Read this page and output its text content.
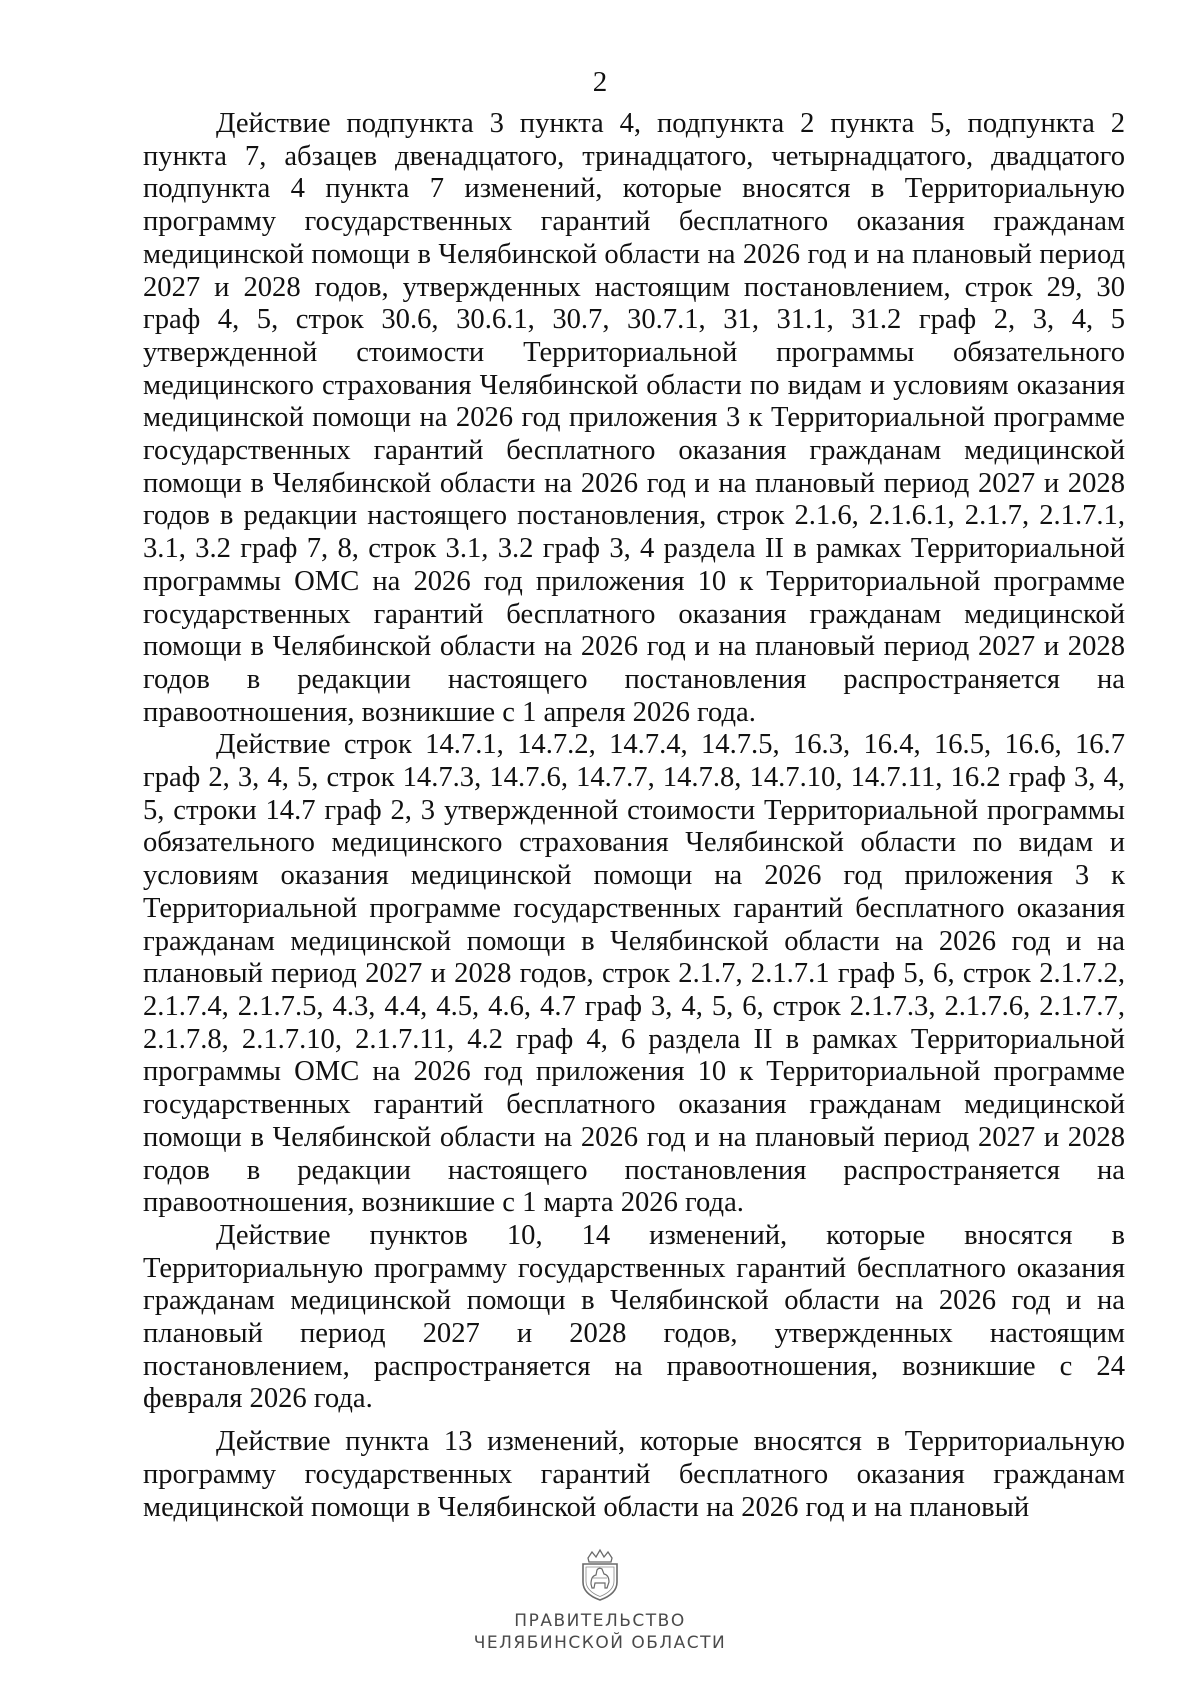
2

Действие подпункта 3 пункта 4, подпункта 2 пункта 5, подпункта 2 пункта 7, абзацев двенадцатого, тринадцатого, четырнадцатого, двадцатого подпункта 4 пункта 7 изменений, которые вносятся в Территориальную программу государственных гарантий бесплатного оказания гражданам медицинской помощи в Челябинской области на 2026 год и на плановый период 2027 и 2028 годов, утвержденных настоящим постановлением, строк 29, 30 граф 4, 5, строк 30.6, 30.6.1, 30.7, 30.7.1, 31, 31.1, 31.2 граф 2, 3, 4, 5 утвержденной стоимости Территориальной программы обязательного медицинского страхования Челябинской области по видам и условиям оказания медицинской помощи на 2026 год приложения 3 к Территориальной программе государственных гарантий бесплатного оказания гражданам медицинской помощи в Челябинской области на 2026 год и на плановый период 2027 и 2028 годов в редакции настоящего постановления, строк 2.1.6, 2.1.6.1, 2.1.7, 2.1.7.1, 3.1, 3.2 граф 7, 8, строк 3.1, 3.2 граф 3, 4 раздела II в рамках Территориальной программы ОМС на 2026 год приложения 10 к Территориальной программе государственных гарантий бесплатного оказания гражданам медицинской помощи в Челябинской области на 2026 год и на плановый период 2027 и 2028 годов в редакции настоящего постановления распространяется на правоотношения, возникшие с 1 апреля 2026 года.

Действие строк 14.7.1, 14.7.2, 14.7.4, 14.7.5, 16.3, 16.4, 16.5, 16.6, 16.7 граф 2, 3, 4, 5, строк 14.7.3, 14.7.6, 14.7.7, 14.7.8, 14.7.10, 14.7.11, 16.2 граф 3, 4, 5, строки 14.7 граф 2, 3 утвержденной стоимости Территориальной программы обязательного медицинского страхования Челябинской области по видам и условиям оказания медицинской помощи на 2026 год приложения 3 к Территориальной программе государственных гарантий бесплатного оказания гражданам медицинской помощи в Челябинской области на 2026 год и на плановый период 2027 и 2028 годов, строк 2.1.7, 2.1.7.1 граф 5, 6, строк 2.1.7.2, 2.1.7.4, 2.1.7.5, 4.3, 4.4, 4.5, 4.6, 4.7 граф 3, 4, 5, 6, строк 2.1.7.3, 2.1.7.6, 2.1.7.7, 2.1.7.8, 2.1.7.10, 2.1.7.11, 4.2 граф 4, 6 раздела II в рамках Территориальной программы ОМС на 2026 год приложения 10 к Территориальной программе государственных гарантий бесплатного оказания гражданам медицинской помощи в Челябинской области на 2026 год и на плановый период 2027 и 2028 годов в редакции настоящего постановления распространяется на правоотношения, возникшие с 1 марта 2026 года.

Действие пунктов 10, 14 изменений, которые вносятся в Территориальную программу государственных гарантий бесплатного оказания гражданам медицинской помощи в Челябинской области на 2026 год и на плановый период 2027 и 2028 годов, утвержденных настоящим постановлением, распространяется на правоотношения, возникшие с 24 февраля 2026 года.

Действие пункта 13 изменений, которые вносятся в Территориальную программу государственных гарантий бесплатного оказания гражданам медицинской помощи в Челябинской области на 2026 год и на плановый

ПРАВИТЕЛЬСТВО
ЧЕЛЯБИНСКОЙ ОБЛАСТИ
